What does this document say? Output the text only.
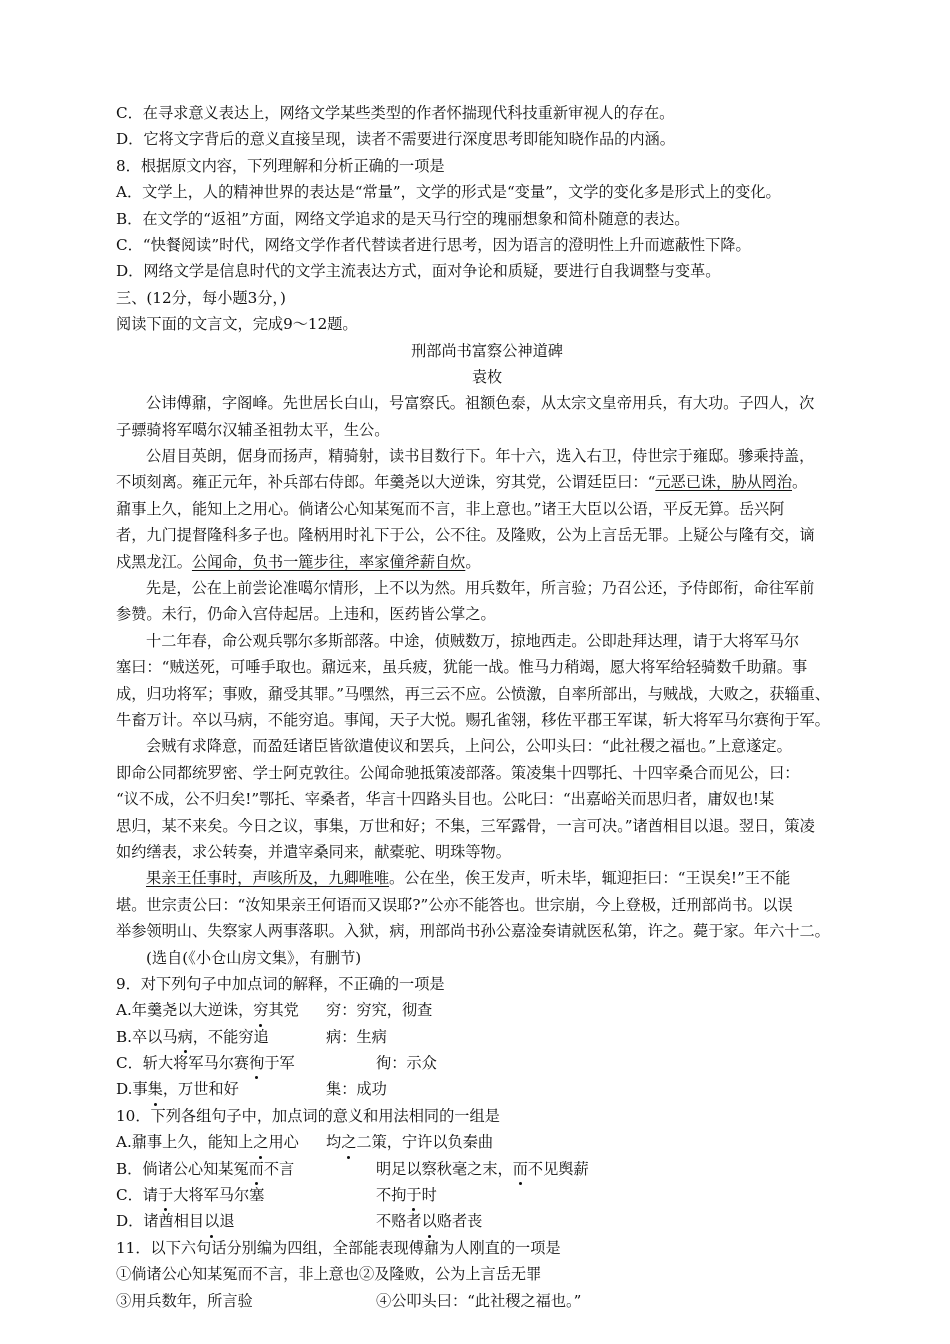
C．在寻求意义表达上，网络文学某些类型的作者怀揣现代科技重新审视人的存在。
D．它将文字背后的意义直接呈现，读者不需要进行深度思考即能知晓作品的内涵。
8．根据原文内容，下列理解和分析正确的一项是
A．文学上，人的精神世界的表达是“常量”，文学的形式是“变量”，文学的变化多是形式上的变化。
B．在文学的“返祖”方面，网络文学追求的是天马行空的瑰丽想象和简朴随意的表达。
C．“快餐阅读”时代，网络文学作者代替读者进行思考，因为语言的澄明性上升而遮蔽性下降。
D．网络文学是信息时代的文学主流表达方式，面对争论和质疑，要进行自我调整与变革。
三、(12分，每小题3分，)
阅读下面的文言文，完成9～12题。
刑部尚书富察公神道碑
袁枚
公讳傅鼐，字阁峰。先世居长白山，号富察氏。祖额色泰，从太宗文皇帝用兵，有大功。子四人，次
子骠骑将军噶尔汉辅圣祖勃太平，生公。
公眉目英朗，倨身而扬声，精骑射，读书目数行下。年十六，选入右卫，侍世宗于雍邸。骖乘持盖，
不顷刻离。雍正元年，补兵部右侍郎。年羹尧以大逆诛，穷其党，公谓廷臣曰：“元恶已诛，胁从罔治。
鼐事上久，能知上之用心。倘诸公心知某冤而不言，非上意也。”诸王大臣以公语，平反无算。岳兴阿
者，九门提督隆科多子也。隆柄用时礼下于公，公不往。及隆败，公为上言岳无罪。上疑公与隆有交，谪
戍黑龙江。公闻命，负书一簏步往，率家僮斧薪自炊。
先是，公在上前尝论准噶尔情形，上不以为然。用兵数年，所言验；乃召公还，予侍郎衔，命往军前
参赞。未行，仍命入宫侍起居。上违和，医药皆公掌之。
十二年春，命公观兵鄂尔多斯部落。中途，侦贼数万，掠地西走。公即赴拜达理，请于大将军马尔
塞曰：“贼送死，可唾手取也。鼐远来，虽兵疲，犹能一战。惟马力稍竭，愿大将军给轻骑数千助鼐。事
成，归功将军；事败，鼐受其罪。”马嘿然，再三云不应。公愤激，自率所部出，与贼战，大败之，获辎重、
牛畜万计。卒以马病，不能穷追。事闻，天子大悦。赐孔雀翎，移佐平郡王军谋，斩大将军马尔赛徇于军。
会贼有求降意，而盈廷诸臣皆欲遣使议和罢兵，上问公，公叩头曰：“此社稷之福也。”上意遂定。
即命公同都统罗密、学士阿克敦往。公闻命驰抵策凌部落。策凌集十四鄂托、十四宰桑合而见公，曰：
“议不成，公不归矣!”鄂托、宰桑者，华言十四路头目也。公叱曰：“出嘉峪关而思归者，庸奴也!某
思归，某不来矣。今日之议，事集，万世和好；不集，三军露骨，一言可决。”诸酋相目以退。翌日，策凌
如约缮表，求公转奏，并遣宰桑同来，献橐驼、明珠等物。
果亲王任事时，声咳所及，九卿唯唯。公在坐，俟王发声，听未毕，辄迎拒曰：“王误矣!”王不能
堪。世宗责公曰：“汝知果亲王何语而又误耶?”公亦不能答也。世宗崩，今上登极，迁刑部尚书。以误
举参领明山、失察家人两事落职。入狱，病，刑部尚书孙公嘉淦奏请就医私第，许之。薨于家。年六十二。
(选自(《小仓山房文集》，有删节)
9．对下列句子中加点词的解释，不正确的一项是
A.年羹尧以大逆诛，穷其党 穷：穷究，彻查
B.卒以马病，不能穷追	病：生病
C．斩大将军马尔赛徇于军	徇：示众
D.事集，万世和好	集：成功
10．下列各组句子中，加点词的意义和用法相同的一组是
A.鼐事上久，能知上之用心 均之二策，宁许以负秦曲
B．倘诸公心知某冤而不言	明足以察秋毫之末，而不见舆薪
C．请于大将军马尔塞	不拘于时
D．诸酋相目以退	不赂者以赂者丧
11．以下六句话分别编为四组，全部能表现傅鼐为人刚直的一项是
①倘诸公心知某冤而不言，非上意也②及隆败，公为上言岳无罪
③用兵数年，所言验	④公叩头曰：“此社稷之福也。”
